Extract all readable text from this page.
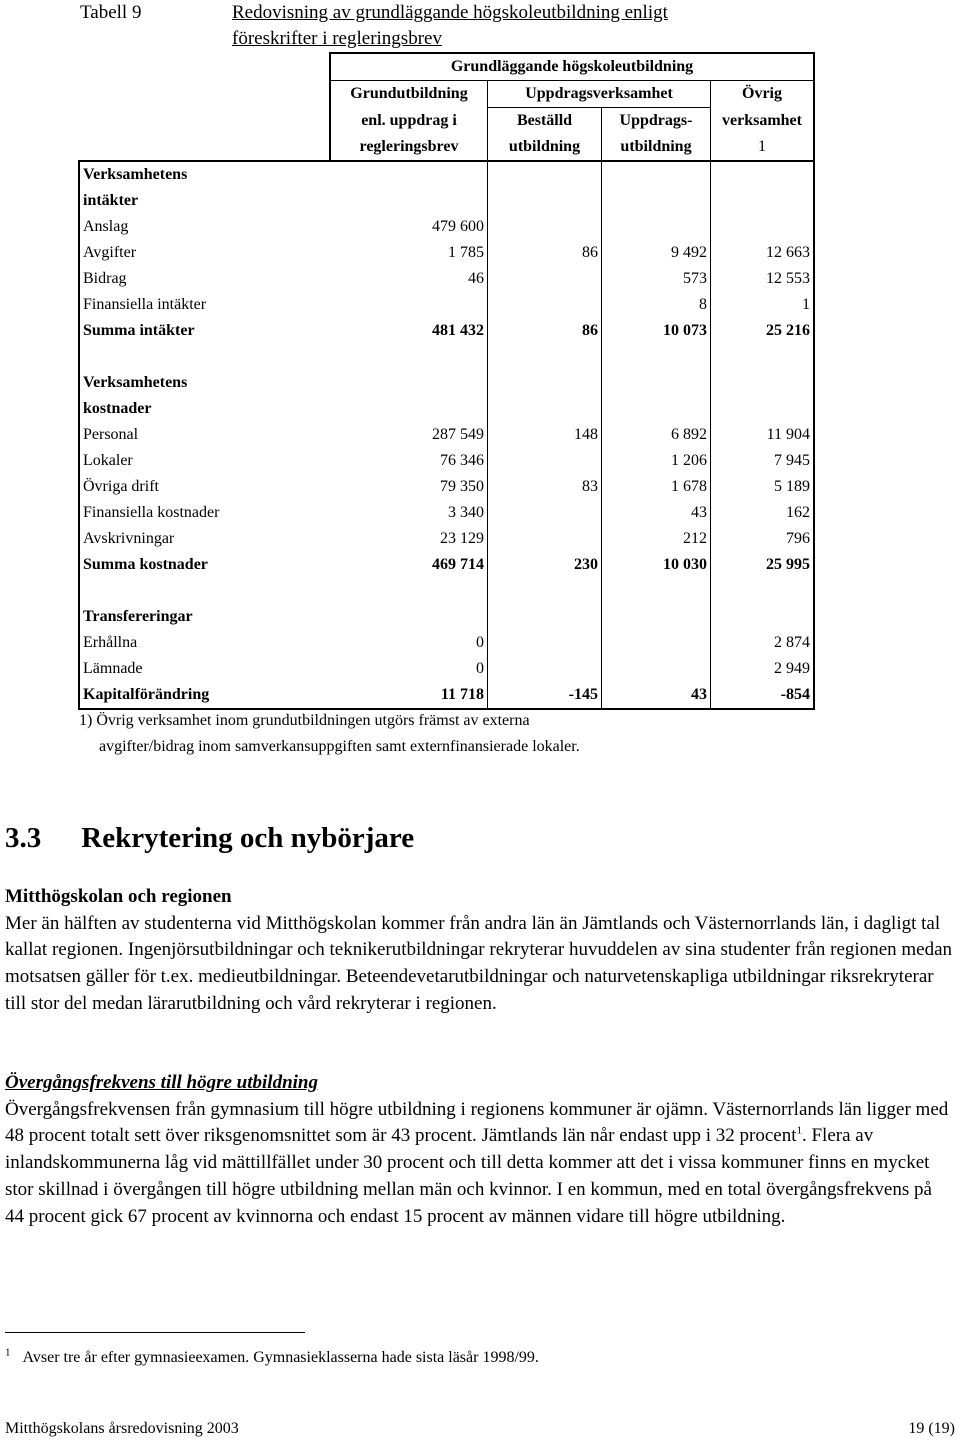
Tabell 9	Redovisning av grundläggande högskoleutbildning enligt
föreskrifter i regleringsbrev
	Grundläggande högskoleutbildning			
	Grundutbildning	Uppdragsverksamhet		Övrig
	enl. uppdrag i	Beställd	Uppdrags-	verksamhet
	regleringsbrev	utbildning	utbildning	1
Verksamhetens				
intäkter				
Anslag	479 600			
Avgifter	1 785	86	9 492	12 663
Bidrag	46		573	12 553
Finansiella intäkter			8	1
Summa intäkter	481 432	86	10 073	25 216

Verksamhetens				
kostnader				
Personal	287 549	148	6 892	11 904
Lokaler	76 346		1 206	7 945
Övriga drift	79 350	83	1 678	5 189
Finansiella kostnader	3 340		43	162
Avskrivningar	23 129		212	796
Summa kostnader	469 714	230	10 030	25 995

Transfereringar				
Erhållna	0			2 874
Lämnade	0			2 949
Kapitalförändring	11 718	-145	43	-854
1) Övrig verksamhet inom grundutbildningen utgörs främst av externa
avgifter/bidrag inom samverkansuppgiften samt externfinansierade lokaler.
3.3 Rekrytering och nybörjare

Mitthögskolan och regionen

Mer än hälften av studenterna vid Mitthögskolan kommer från andra län än Jämtlands och Västernorrlands län, i dagligt tal kallat regionen. Ingenjörsutbildningar och teknikerutbildningar rekryterar huvuddelen av sina studenter från regionen medan motsatsen gäller för t.ex. medieutbildningar. Beteendevetarutbildningar och naturvetenskapliga utbildningar riksrekryterar till stor del medan lärarutbildning och vård rekryterar i regionen.

Övergångsfrekvens till högre utbildning

Övergångsfrekvensen från gymnasium till högre utbildning i regionens kommuner är ojämn. Västernorrlands län ligger med 48 procent totalt sett över riksgenomsnittet som är 43 procent. Jämtlands län når endast upp i 32 procent$^1$. Flera av inlandskommunerna låg vid mättillfället under 30 procent och till detta kommer att det i vissa kommuner finns en mycket stor skillnad i övergången till högre utbildning mellan män och kvinnor. I en kommun, med en total övergångsfrekvens på 44 procent gick 67 procent av kvinnorna och endast 15 procent av männen vidare till högre utbildning.

$^1$ Avser tre år efter gymnasieexamen. Gymnasieklasserna hade sista läsår 1998/99.
Mitthögskolans årsredovisning 2003	19 (19)
